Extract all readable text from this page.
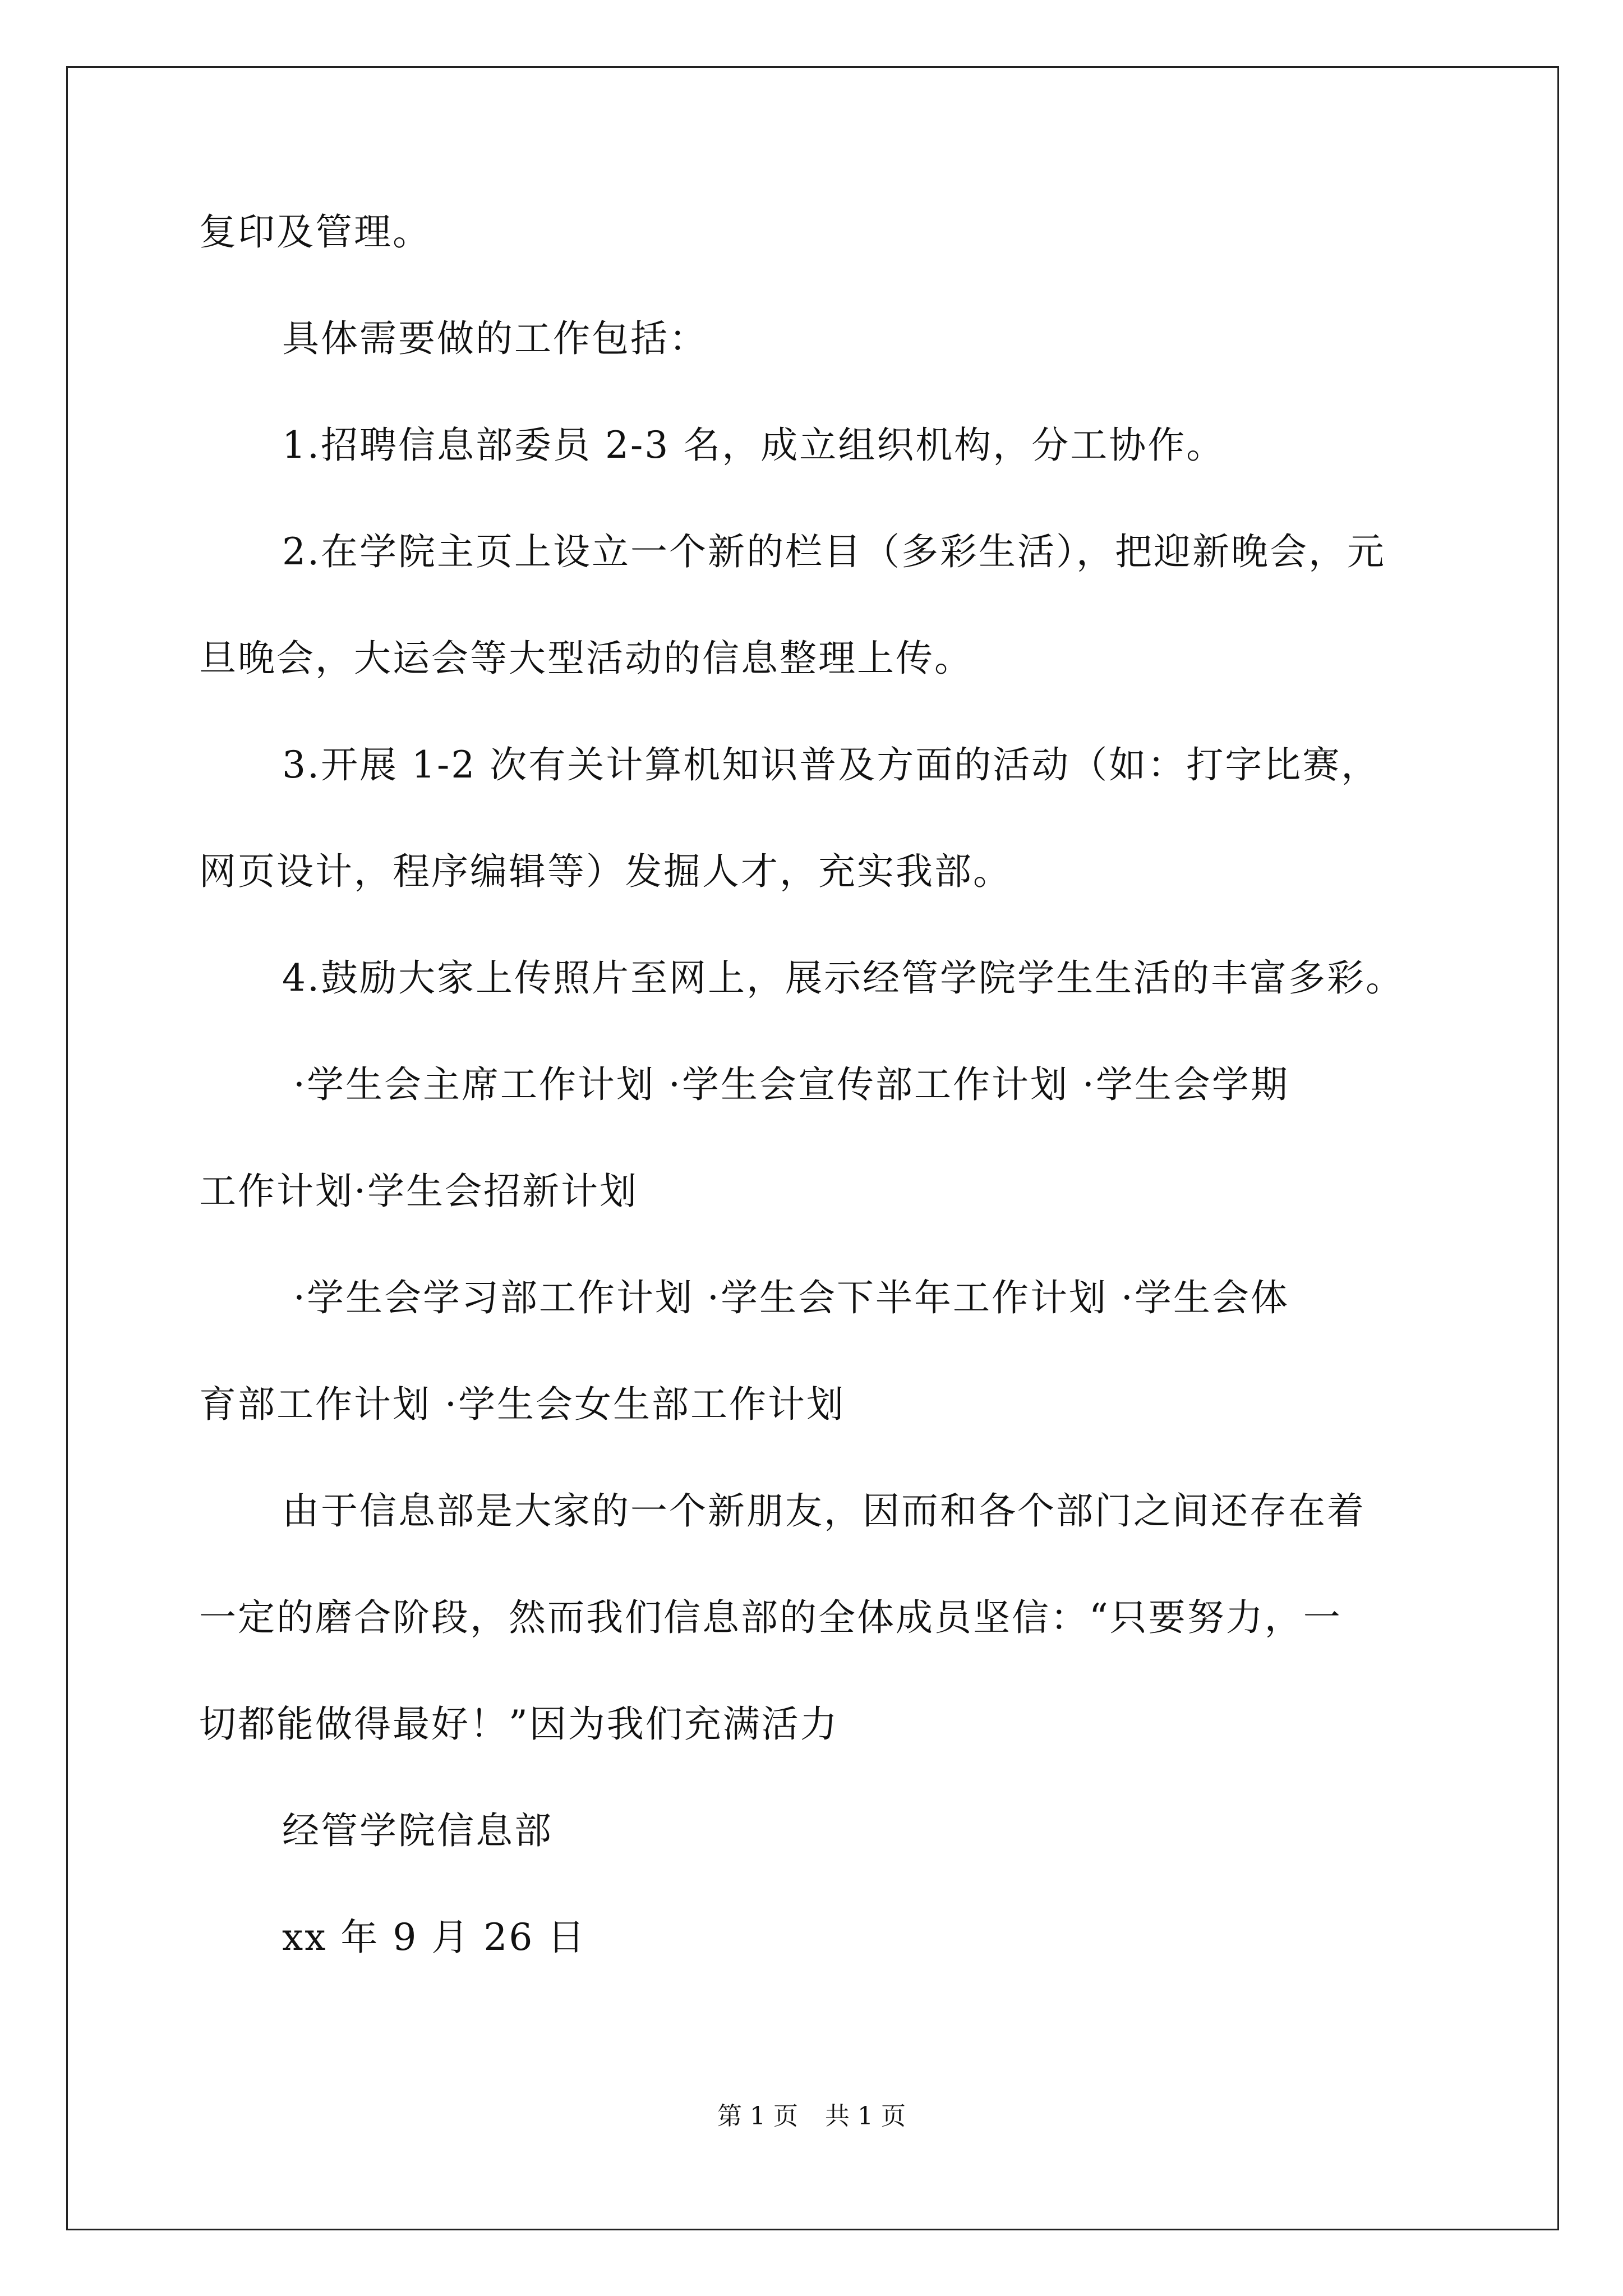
复印及管理。
具体需要做的工作包括：
1.招聘信息部委员 2-3 名，成立组织机构，分工协作。
2.在学院主页上设立一个新的栏目（多彩生活），把迎新晚会，元
旦晚会，大运会等大型活动的信息整理上传。
3.开展 1-2 次有关计算机知识普及方面的活动（如：打字比赛，
网页设计，程序编辑等）发掘人才，充实我部。
4.鼓励大家上传照片至网上，展示经管学院学生生活的丰富多彩。
·学生会主席工作计划 ·学生会宣传部工作计划 ·学生会学期
工作计划·学生会招新计划
·学生会学习部工作计划 ·学生会下半年工作计划 ·学生会体
育部工作计划 ·学生会女生部工作计划
由于信息部是大家的一个新朋友，因而和各个部门之间还存在着
一定的磨合阶段，然而我们信息部的全体成员坚信：“只要努力，一
切都能做得最好！”因为我们充满活力
经管学院信息部
xx 年 9 月 26 日
第 1 页 共 1 页
